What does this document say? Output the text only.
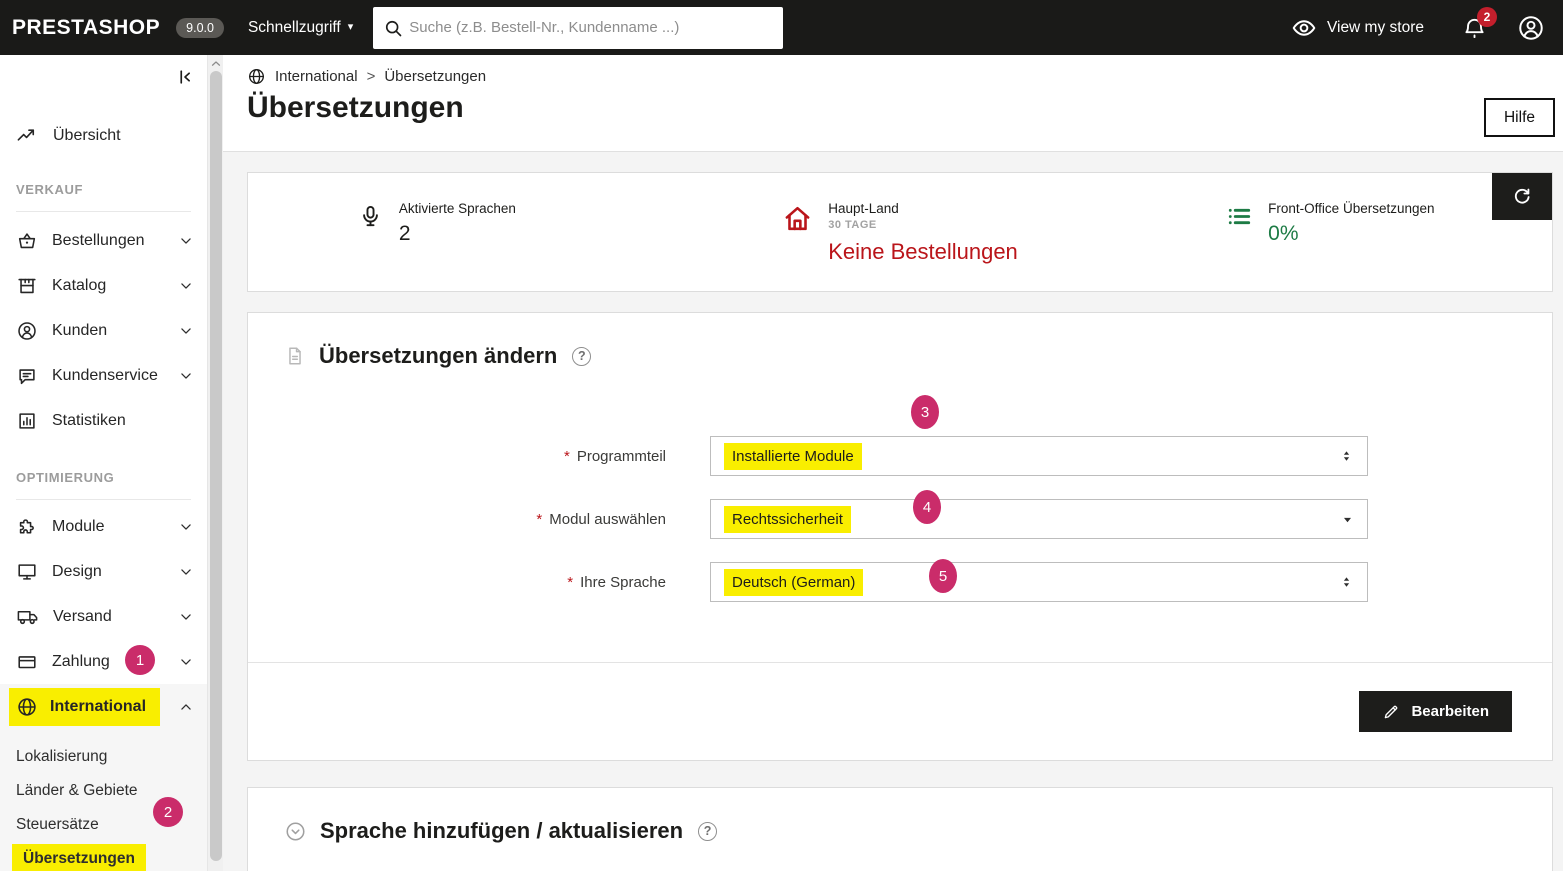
PRESTASHOP	9.0.0	Schnellzugriff ▾
Suche (z.B. Bestell-Nr., Kundenname ...)	View my store
2
Übersicht
VERKAUF
Bestellungen
Katalog
Kunden
Kundenservice
Statistiken
OPTIMIERUNG
Module
Design
Versand
Zahlung
International
Lokalisierung
Länder & Gebiete
Steuersätze
Übersetzungen
International > Übersetzungen
Übersetzungen	Hilfe
Aktivierte Sprachen
2
Haupt-Land
30 TAGE
Keine Bestellungen
Front-Office Übersetzungen
0%
Übersetzungen ändern
?
* Programmteil	Installierte Module
* Modul auswählen	Rechtssicherheit
* Ihre Sprache	Deutsch (German)
Bearbeiten
Sprache hinzufügen / aktualisieren
?
1
2
3
4
5
